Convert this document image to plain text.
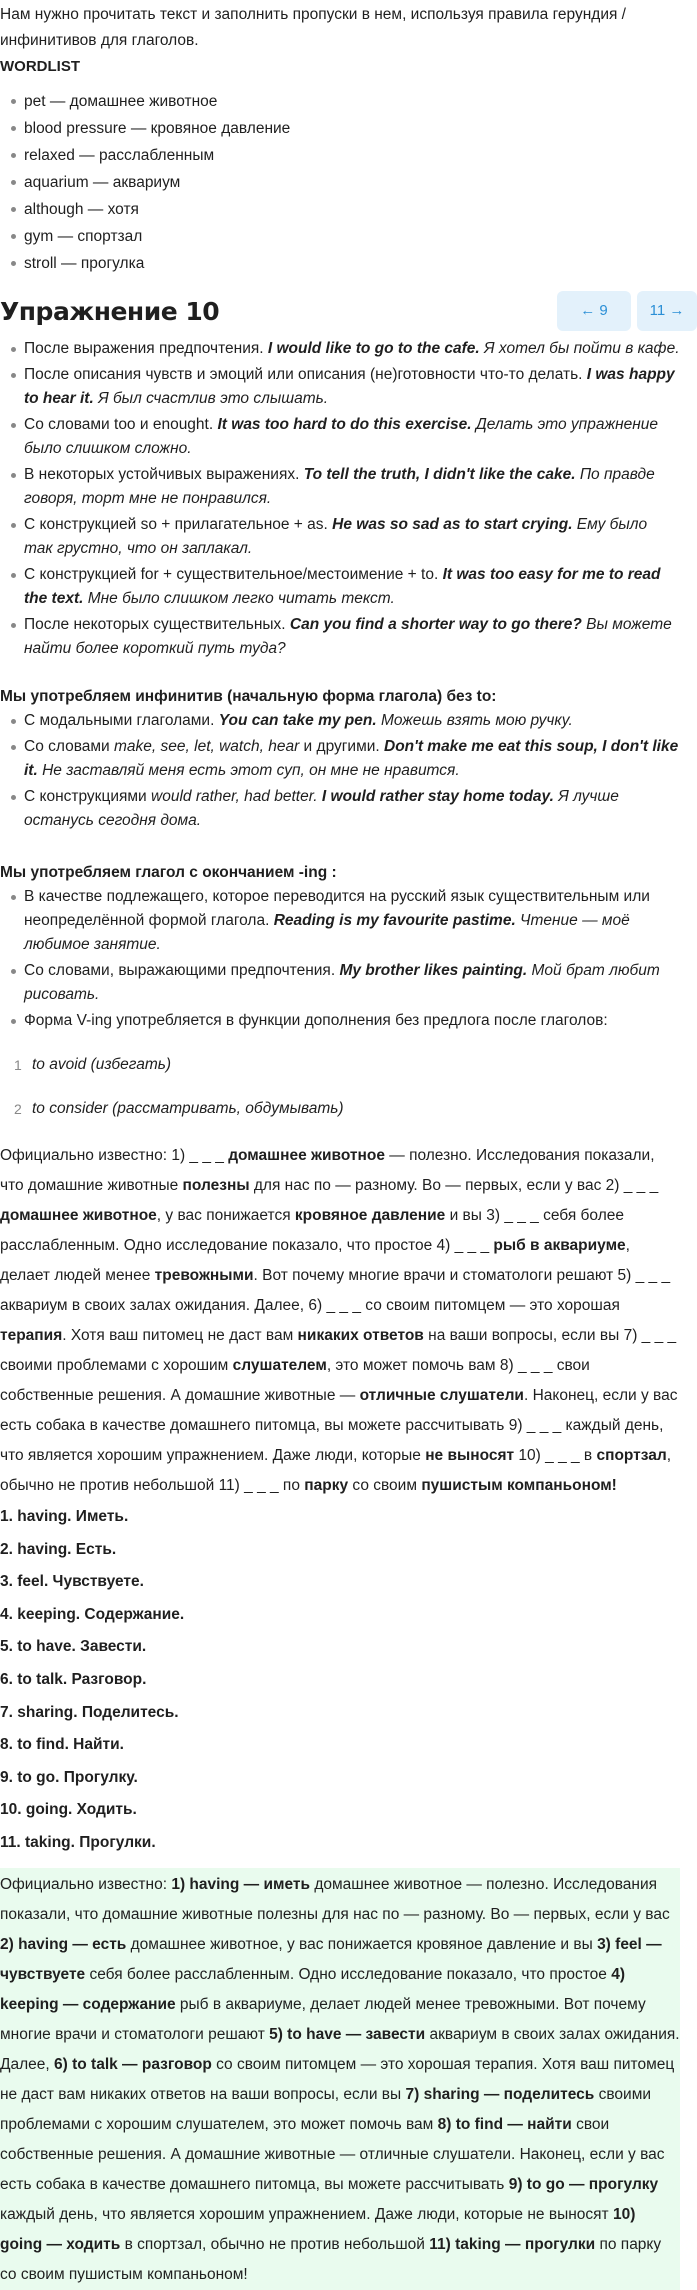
Нам нужно прочитать текст и заполнить пропуски в нем, используя правила герундия / инфинитивов для глаголов.

WORDLIST
pet — домашнее животное
blood pressure — кровяное давление
relaxed — расслабленным
aquarium — аквариум
although — хотя
gym — спортзал
stroll — прогулка
Упражнение 10	← 9	11 →
После выражения предпочтения. I would like to go to the cafe. Я хотел бы пойти в кафе.
После описания чувств и эмоций или описания (не)готовности что-то делать. I was happy to hear it. Я был счастлив это слышать.
Со словами too и enought. It was too hard to do this exercise. Делать это упражнение было слишком сложно.
В некоторых устойчивых выражениях. To tell the truth, I didn't like the cake. По правде говоря, торт мне не понравился.
С конструкцией so + прилагательное + as. He was so sad as to start crying. Ему было так грустно, что он заплакал.
С конструкцией for + существительное/местоимение + to. It was too easy for me to read the text. Мне было слишком легко читать текст.
После некоторых существительных. Can you find a shorter way to go there? Вы можете найти более короткий путь туда?
Мы употребляем инфинитив (начальную форма глагола) без to:
С модальными глаголами. You can take my pen. Можешь взять мою ручку.
Со словами make, see, let, watch, hear и другими. Don't make me eat this soup, I don't like it. Не заставляй меня есть этот суп, он мне не нравится.
С конструкциями would rather, had better. I would rather stay home today. Я лучше останусь сегодня дома.
Мы употребляем глагол с окончанием -ing :
В качестве подлежащего, которое переводится на русский язык существительным или неопределённой формой глагола. Reading is my favourite pastime. Чтение — моё любимое занятие.
Со словами, выражающими предпочтения. My brother likes painting. Мой брат любит рисовать.
Форма V-ing употребляется в функции дополнения без предлога после глаголов:
1 to avoid (избегать)
2 to consider (рассматривать, обдумывать)

Официально известно: 1) _ _ _ домашнее животное — полезно. Исследования показали, что домашние животные полезны для нас по — разному. Во — первых, если у вас 2) _ _ _ домашнее животное, у вас понижается кровяное давление и вы 3) _ _ _ себя более расслабленным. Одно исследование показало, что простое 4) _ _ _ рыб в аквариуме, делает людей менее тревожными. Вот почему многие врачи и стоматологи решают 5) _ _ _ аквариум в своих залах ожидания. Далее, 6) _ _ _ со своим питомцем — это хорошая терапия. Хотя ваш питомец не даст вам никаких ответов на ваши вопросы, если вы 7) _ _ _ своими проблемами с хорошим слушателем, это может помочь вам 8) _ _ _ свои собственные решения. А домашние животные — отличные слушатели. Наконец, если у вас есть собака в качестве домашнего питомца, вы можете рассчитывать 9) _ _ _ каждый день, что является хорошим упражнением. Даже люди, которые не выносят 10) _ _ _ в спортзал, обычно не против небольшой 11) _ _ _ по парку со своим пушистым компаньоном!

1. having. Иметь.

2. having. Есть.

3. feel. Чувствуете.

4. keeping. Содержание.

5. to have. Завести.

6. to talk. Разговор.

7. sharing. Поделитесь.

8. to find. Найти.

9. to go. Прогулку.

10. going. Ходить.

11. taking. Прогулки.

Официально известно: 1) having — иметь домашнее животное — полезно. Исследования показали, что домашние животные полезны для нас по — разному. Во — первых, если у вас 2) having — есть домашнее животное, у вас понижается кровяное давление и вы 3) feel — чувствуете себя более расслабленным. Одно исследование показало, что простое 4) keeping — содержание рыб в аквариуме, делает людей менее тревожными. Вот почему многие врачи и стоматологи решают 5) to have — завести аквариум в своих залах ожидания. Далее, 6) to talk — разговор со своим питомцем — это хорошая терапия. Хотя ваш питомец не даст вам никаких ответов на ваши вопросы, если вы 7) sharing — поделитесь своими проблемами с хорошим слушателем, это может помочь вам 8) to find — найти свои собственные решения. А домашние животные — отличные слушатели. Наконец, если у вас есть собака в качестве домашнего питомца, вы можете рассчитывать 9) to go — прогулку каждый день, что является хорошим упражнением. Даже люди, которые не выносят 10) going — ходить в спортзал, обычно не против небольшой 11) taking — прогулки по парку со своим пушистым компаньоном!
